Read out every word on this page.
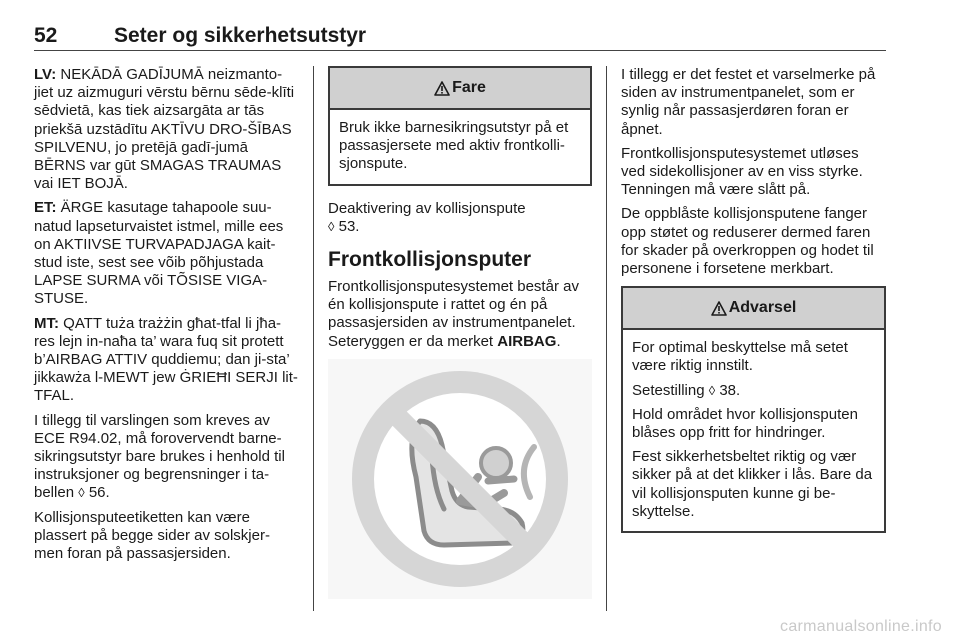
52	Seter og sikkerhetsutstyr

LV: NEKĀDĀ GADĪJUMĀ neizmanto-jiet uz aizmuguri vērstu bērnu sēde-klīti sēdvietā, kas tiek aizsargāta ar tās priekšā uzstādītu AKTĪVU DRO-ŠĪBAS SPILVENU, jo pretējā gadī-jumā BĒRNS var gūt SMAGAS TRAUMAS vai IET BOJĀ.

ET: ÄRGE kasutage tahapoole suu-natud lapseturvaistet istmel, mille ees on AKTIIVSE TURVAPADJAGA kait-stud iste, sest see võib põhjustada LAPSE SURMA või TÕSISE VIGA-STUSE.

MT: QATT tuża trażżin għat-tfal li jħa-res lejn in-naħa ta’ wara fuq sit protett b’AIRBAG ATTIV quddiemu; dan ji-sta’ jikkawża l-MEWT jew ĠRIEĦI SERJI lit-TFAL.

I tillegg til varslingen som kreves av ECE R94.02, må forovervendt barne-sikringsutstyr bare brukes i henhold til instruksjoner og begrensninger i ta-bellen ◊ 56.

Kollisjonsputeetiketten kan være plassert på begge sider av solskjer-men foran på passasjersiden.

Fare

Bruk ikke barnesikringsutstyr på et passasjersete med aktiv frontkolli-sjonspute.

Deaktivering av kollisjonspute
◊ 53.

Frontkollisjonsputer

Frontkollisjonsputesystemet består av én kollisjonspute i rattet og én på passasjersiden av instrumentpanelet. Seteryggen er da merket AIRBAG.

I tillegg er det festet et varselmerke på siden av instrumentpanelet, som er synlig når passasjerdøren foran er åpnet.

Frontkollisjonsputesystemet utløses ved sidekollisjoner av en viss styrke. Tenningen må være slått på.

De oppblåste kollisjonsputene fanger opp støtet og reduserer dermed faren for skader på overkroppen og hodet til personene i forsetene merkbart.

Advarsel

For optimal beskyttelse må setet være riktig innstilt.

Setestilling ◊ 38.

Hold området hvor kollisjonsputen blåses opp fritt for hindringer.

Fest sikkerhetsbeltet riktig og vær sikker på at det klikker i lås. Bare da vil kollisjonsputen kunne gi be-skyttelse.

carmanualsonline.info
